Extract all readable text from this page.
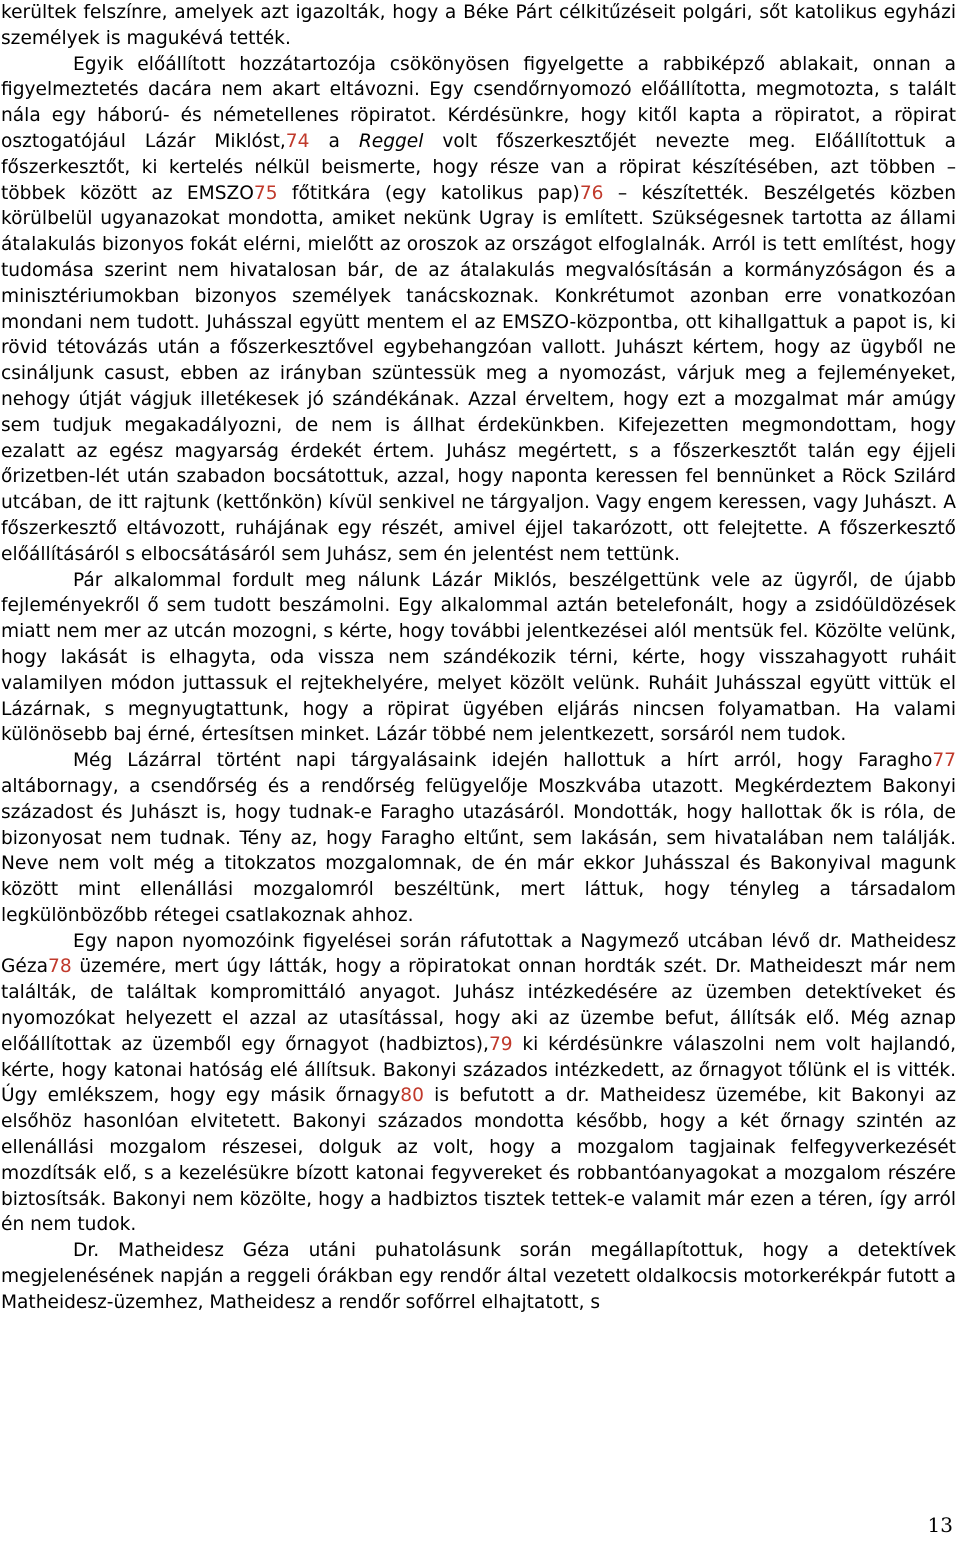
kerültek felszínre, amelyek azt igazolták, hogy a Béke Párt célkitűzéseit polgári, sőt katolikus egyházi személyek is magukévá tették.

Egyik előállított hozzátartozója csökönyösen figyelgette a rabbiképző ablakait, onnan a figyelmeztetés dacára nem akart eltávozni. Egy csendőrnyomozó előállította, megmotozta, s talált nála egy háború- és németellenes röpiratot. Kérdésünkre, hogy kitől kapta a röpiratot, a röpirat osztogatójául Lázár Miklóst,74 a Reggel volt főszerkesztőjét nevezte meg. Előállítottuk a főszerkesztőt, ki kertelés nélkül beismerte, hogy része van a röpirat készítésében, azt többen – többek között az EMSZO75 főtitkára (egy katolikus pap)76 – készítették. Beszélgetés közben körülbelül ugyanazokat mondotta, amiket nekünk Ugray is említett. Szükségesnek tartotta az állami átalakulás bizonyos fokát elérni, mielőtt az oroszok az országot elfoglalnák. Arról is tett említést, hogy tudomása szerint nem hivatalosan bár, de az átalakulás megvalósításán a kormányzóságon és a minisztériumokban bizonyos személyek tanácskoznak. Konkrétumot azonban erre vonatkozóan mondani nem tudott. Juhásszal együtt mentem el az EMSZO-központba, ott kihallgattuk a papot is, ki rövid tétovázás után a főszerkesztővel egybehangzóan vallott. Juhászt kértem, hogy az ügyből ne csináljunk casust, ebben az irányban szüntessük meg a nyomozást, várjuk meg a fejleményeket, nehogy útját vágjuk illetékesek jó szándékának. Azzal érveltem, hogy ezt a mozgalmat már amúgy sem tudjuk megakadályozni, de nem is állhat érdekünkben. Kifejezetten megmondottam, hogy ezalatt az egész magyarság érdekét értem. Juhász megértett, s a főszerkesztőt talán egy éjjeli őrizetben-lét után szabadon bocsátottuk, azzal, hogy naponta keressen fel bennünket a Röck Szilárd utcában, de itt rajtunk (kettőnkön) kívül senkivel ne tárgyaljon. Vagy engem keressen, vagy Juhászt. A főszerkesztő eltávozott, ruhájának egy részét, amivel éjjel takarózott, ott felejtette. A főszerkesztő előállításáról s elbocsátásáról sem Juhász, sem én jelentést nem tettünk.

Pár alkalommal fordult meg nálunk Lázár Miklós, beszélgettünk vele az ügyről, de újabb fejleményekről ő sem tudott beszámolni. Egy alkalommal aztán betelefonált, hogy a zsidóüldözések miatt nem mer az utcán mozogni, s kérte, hogy további jelentkezései alól mentsük fel. Közölte velünk, hogy lakását is elhagyta, oda vissza nem szándékozik térni, kérte, hogy visszahagyott ruháit valamilyen módon juttassuk el rejtekhelyére, melyet közölt velünk. Ruháit Juhásszal együtt vittük el Lázárnak, s megnyugtattunk, hogy a röpirat ügyében eljárás nincsen folyamatban. Ha valami különösebb baj érné, értesítsen minket. Lázár többé nem jelentkezett, sorsáról nem tudok.

Még Lázárral történt napi tárgyalásaink idején hallottuk a hírt arról, hogy Faragho77 altábornagy, a csendőrség és a rendőrség felügyelője Moszkvába utazott. Megkérdeztem Bakonyi századost és Juhászt is, hogy tudnak-e Faragho utazásáról. Mondották, hogy hallottak ők is róla, de bizonyosat nem tudnak. Tény az, hogy Faragho eltűnt, sem lakásán, sem hivatalában nem találják. Neve nem volt még a titokzatos mozgalomnak, de én már ekkor Juhásszal és Bakonyival magunk között mint ellenállási mozgalomról beszéltünk, mert láttuk, hogy tényleg a társadalom legkülönbözőbb rétegei csatlakoznak ahhoz.

Egy napon nyomozóink figyelései során ráfutottak a Nagymező utcában lévő dr. Matheidesz Géza78 üzemére, mert úgy látták, hogy a röpiratokat onnan hordták szét. Dr. Matheideszt már nem találták, de találtak kompromittáló anyagot. Juhász intézkedésére az üzemben detektíveket és nyomozókat helyezett el azzal az utasítással, hogy aki az üzembe befut, állítsák elő. Még aznap előállítottak az üzemből egy őrnagyot (hadbiztos),79 ki kérdésünkre válaszolni nem volt hajlandó, kérte, hogy katonai hatóság elé állítsuk. Bakonyi százados intézkedett, az őrnagyot tőlünk el is vitték. Úgy emlékszem, hogy egy másik őrnagy80 is befutott a dr. Matheidesz üzemébe, kit Bakonyi az elsőhöz hasonlóan elvitetett. Bakonyi százados mondotta később, hogy a két őrnagy szintén az ellenállási mozgalom részesei, dolguk az volt, hogy a mozgalom tagjainak felfegyverkezését mozdítsák elő, s a kezelésükre bízott katonai fegyvereket és robbantóanyagokat a mozgalom részére biztosítsák. Bakonyi nem közölte, hogy a hadbiztos tisztek tettek-e valamit már ezen a téren, így arról én nem tudok.

Dr. Matheidesz Géza utáni puhatolásunk során megállapítottuk, hogy a detektívek megjelenésének napján a reggeli órákban egy rendőr által vezetett oldalkocsis motorkerékpár futott a Matheidesz-üzemhez, Matheidesz a rendőr sofőrrel elhajtatott, s

13
